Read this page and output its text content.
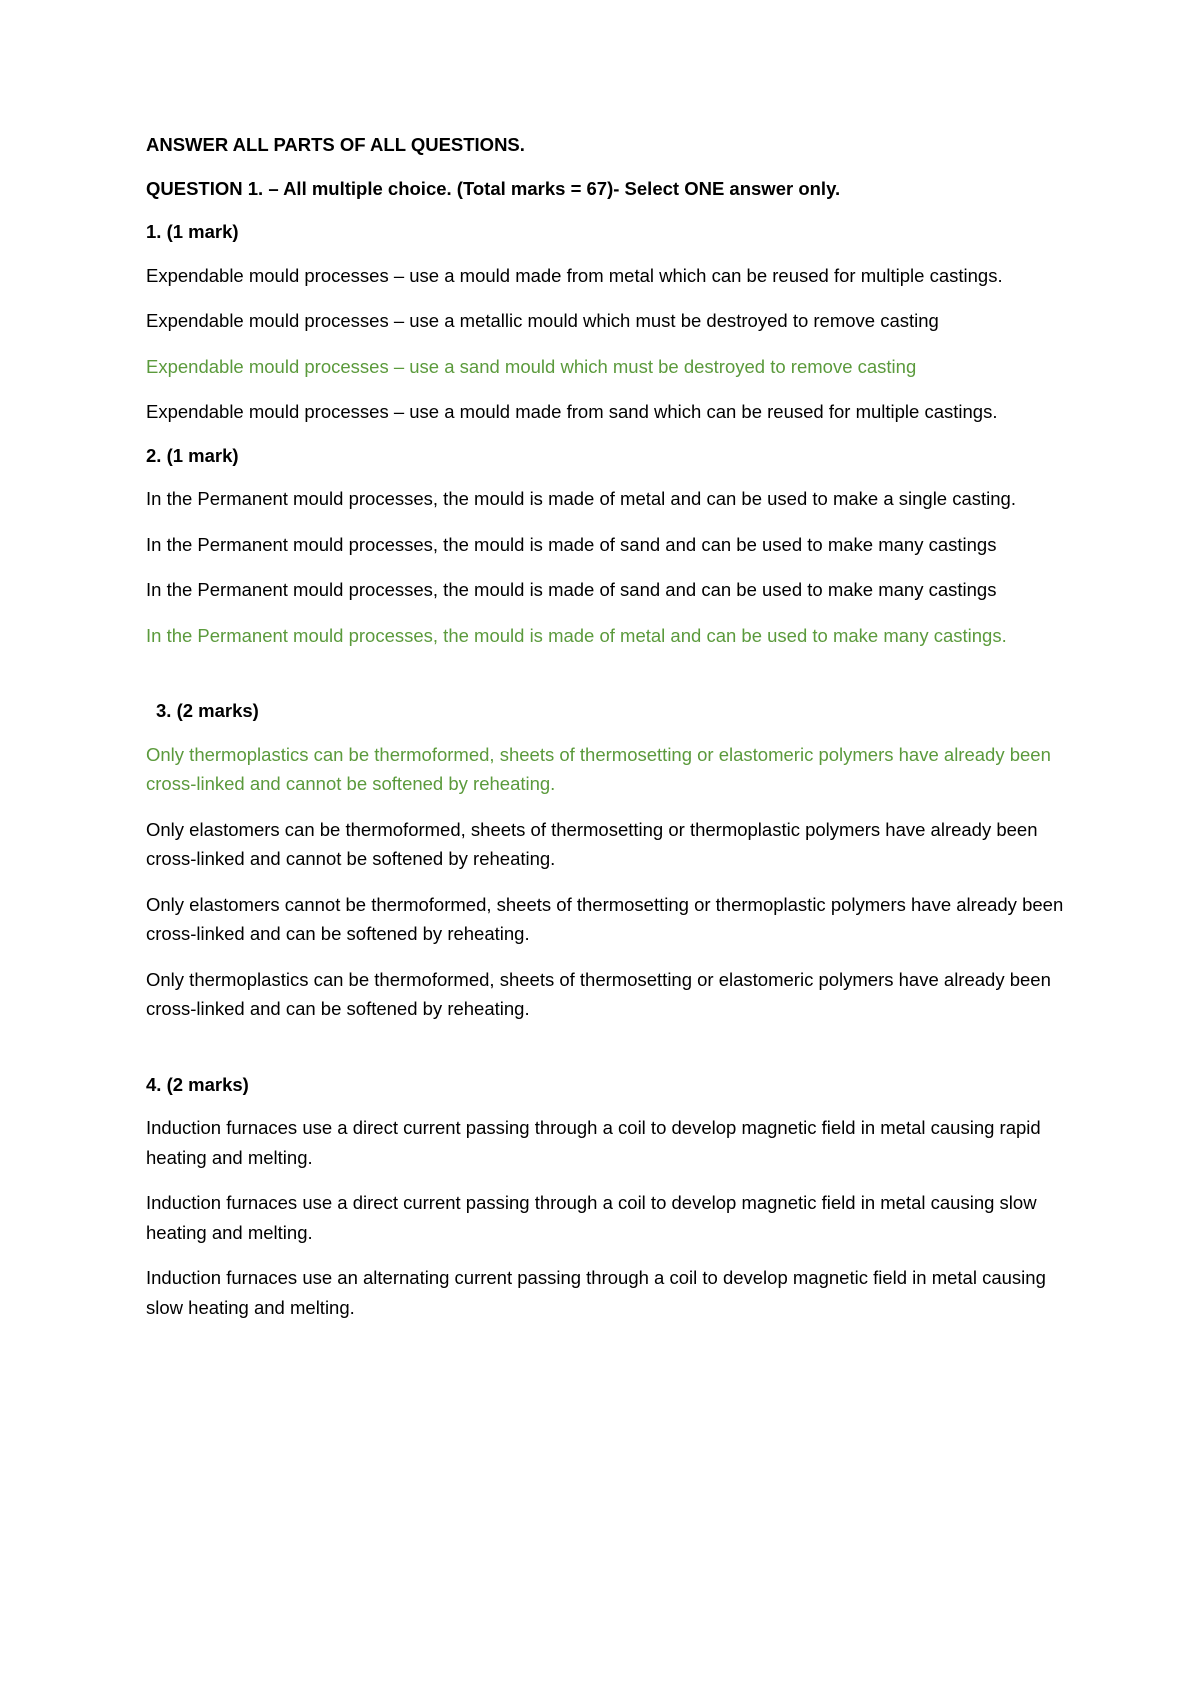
ANSWER ALL PARTS OF ALL QUESTIONS.

QUESTION 1. – All multiple choice. (Total marks = 67)- Select ONE answer only.

1. (1 mark)

Expendable mould processes – use a mould made from metal which can be reused for multiple castings.

Expendable mould processes – use a metallic mould which must be destroyed to remove casting

Expendable mould processes – use a sand mould which must be destroyed to remove casting

Expendable mould processes – use a mould made from sand which can be reused for multiple castings.

2. (1 mark)

In the Permanent mould processes, the mould is made of metal and can be used to make a single casting.

In the Permanent mould processes, the mould is made of sand and can be used to make many castings

In the Permanent mould processes, the mould is made of sand and can be used to make many castings

In the Permanent mould processes, the mould is made of metal and can be used to make many castings.

3. (2 marks)

Only thermoplastics can be thermoformed, sheets of thermosetting or elastomeric polymers have already been cross-linked and cannot be softened by reheating.

Only elastomers can be thermoformed, sheets of thermosetting or thermoplastic polymers have already been cross-linked and cannot be softened by reheating.

Only elastomers cannot be thermoformed, sheets of thermosetting or thermoplastic polymers have already been cross-linked and can be softened by reheating.

Only thermoplastics can be thermoformed, sheets of thermosetting or elastomeric polymers have already been cross-linked and can be softened by reheating.

4. (2 marks)

Induction furnaces use a direct current passing through a coil to develop magnetic field in metal causing rapid heating and melting.

Induction furnaces use a direct current passing through a coil to develop magnetic field in metal causing slow heating and melting.

Induction furnaces use an alternating current passing through a coil to develop magnetic field in metal causing slow heating and melting.
